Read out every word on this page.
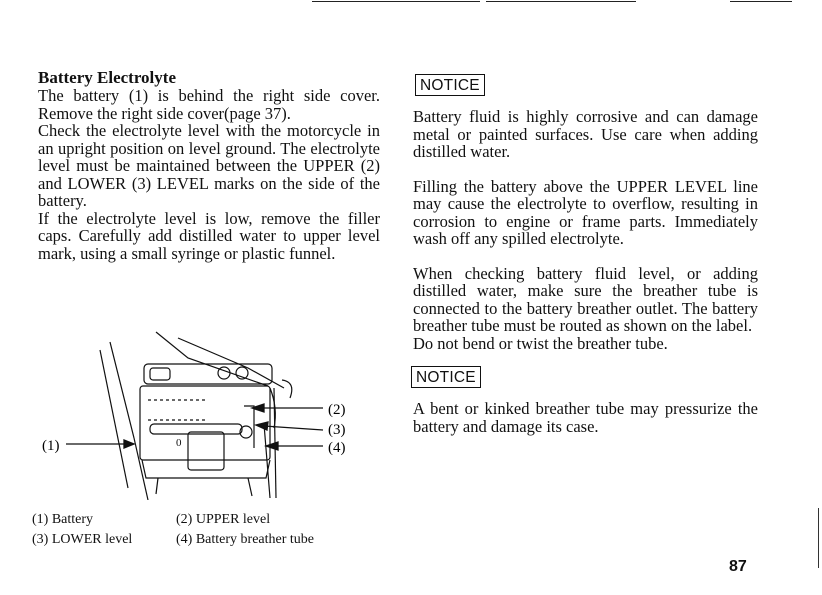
Battery Electrolyte

The battery (1) is behind the right side cover. Remove the right side cover(page 37).

Check the electrolyte level with the motorcycle in an upright position on level ground. The electrolyte level must be maintained between the UPPER (2) and LOWER (3) LEVEL marks on the side of the battery.

If the electrolyte level is low, remove the filler caps. Carefully add distilled water to upper level mark, using a small syringe or plastic funnel.

0
(1)
(2)
(3)
(4)
(1) Battery	(2) UPPER level
(3) LOWER level	(4) Battery breather tube
NOTICE

Battery fluid is highly corrosive and can damage metal or painted surfaces. Use care when adding distilled water.

Filling the battery above the UPPER LEVEL line may cause the electrolyte to overflow, resulting in corrosion to engine or frame parts. Immediately wash off any spilled electrolyte.

When checking battery fluid level, or adding distilled water, make sure the breather tube is connected to the battery breather outlet. The battery breather tube must be routed as shown on the label.

Do not bend or twist the breather tube.

NOTICE

A bent or kinked breather tube may pressurize the battery and damage its case.

87
